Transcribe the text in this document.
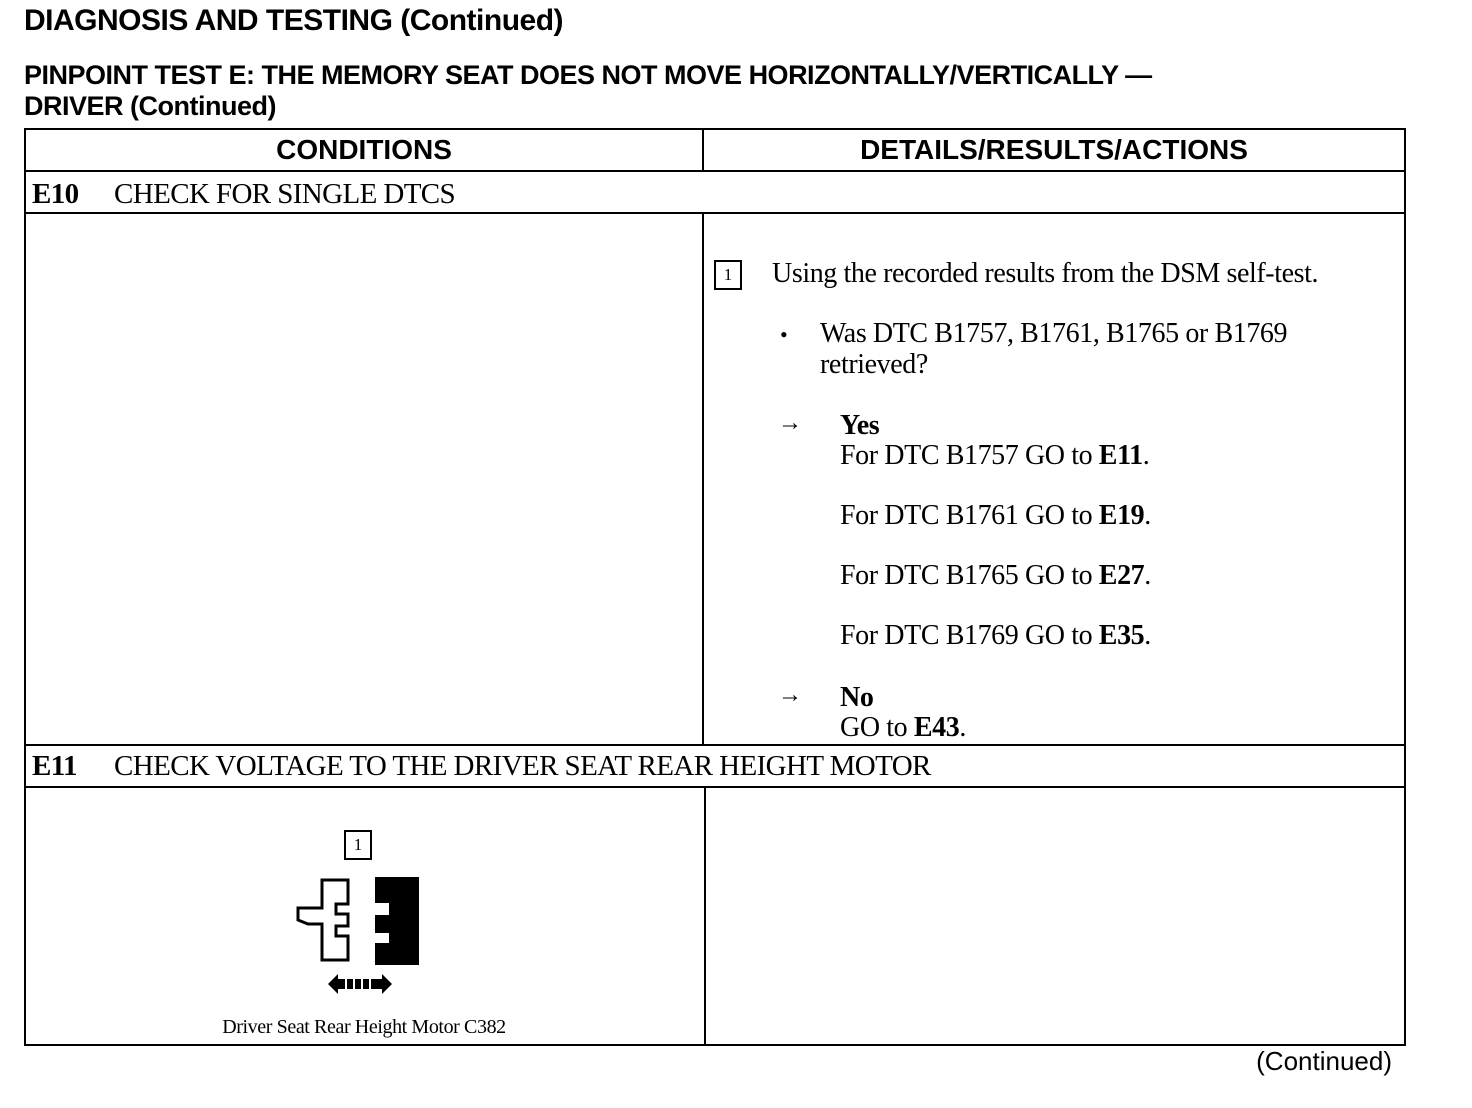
DIAGNOSIS AND TESTING (Continued)
PINPOINT TEST E: THE MEMORY SEAT DOES NOT MOVE HORIZONTALLY/VERTICALLY —
DRIVER (Continued)
CONDITIONS	DETAILS/RESULTS/ACTIONS
E10 CHECK FOR SINGLE DTCS
1	Using the recorded results from the DSM self-test.
• Was DTC B1757, B1761, B1765 or B1769
retrieved?
→ Yes
For DTC B1757 GO to E11.
For DTC B1761 GO to E19.
For DTC B1765 GO to E27.
For DTC B1769 GO to E35.
→ No
GO to E43.
E11 CHECK VOLTAGE TO THE DRIVER SEAT REAR HEIGHT MOTOR
1
Driver Seat Rear Height Motor C382
(Continued)
